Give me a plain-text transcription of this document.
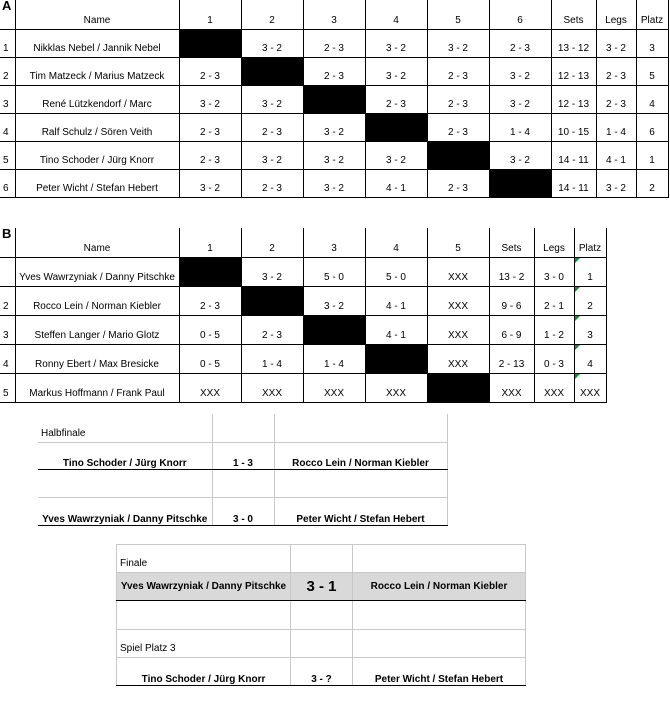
A	Name	1	2	3	4	5	6	Sets	Legs	Platz
1	Nikklas Nebel / Jannik Nebel		3 - 2	2 - 3	3 - 2	3 - 2	2 - 3	13 - 12	3 - 2	3
2	Tim Matzeck / Marius Matzeck	2 - 3		2 - 3	3 - 2	2 - 3	3 - 2	12 - 13	2 - 3	5
3	René Lützkendorf / Marc	3 - 2	3 - 2		2 - 3	2 - 3	3 - 2	12 - 13	2 - 3	4
4	Ralf Schulz / Sören Veith	2 - 3	2 - 3	3 - 2		2 - 3	1 - 4	10 - 15	1 - 4	6
5	Tino Schoder / Jürg Knorr	2 - 3	3 - 2	3 - 2	3 - 2		3 - 2	14 - 11	4 - 1	1
6	Peter Wicht / Stefan Hebert	3 - 2	2 - 3	3 - 2	4 - 1	2 - 3		14 - 11	3 - 2	2
B	Name	1	2	3	4	5	Sets	Legs	Platz
	Yves Wawrzyniak / Danny Pitschke		3 - 2	5 - 0	5 - 0	XXX	13 - 2	3 - 0	1
2	Rocco Lein / Norman Kiebler	2 - 3		3 - 2	4 - 1	XXX	9 - 6	2 - 1	2
3	Steffen Langer / Mario Glotz	0 - 5	2 - 3		4 - 1	XXX	6 - 9	1 - 2	3
4	Ronny Ebert / Max Bresicke	0 - 5	1 - 4	1 - 4		XXX	2 - 13	0 - 3	4
5	Markus Hoffmann / Frank Paul	XXX	XXX	XXX	XXX		XXX	XXX	XXX
Halbfinale		
Tino Schoder / Jürg Knorr	1 - 3	Rocco Lein / Norman Kiebler

Yves Wawrzyniak / Danny Pitschke	3 - 0	Peter Wicht / Stefan Hebert
Finale		
Yves Wawrzyniak / Danny Pitschke	3 - 1	Rocco Lein / Norman Kiebler

Spiel Platz 3		
Tino Schoder / Jürg Knorr	3 - ?	Peter Wicht / Stefan Hebert
